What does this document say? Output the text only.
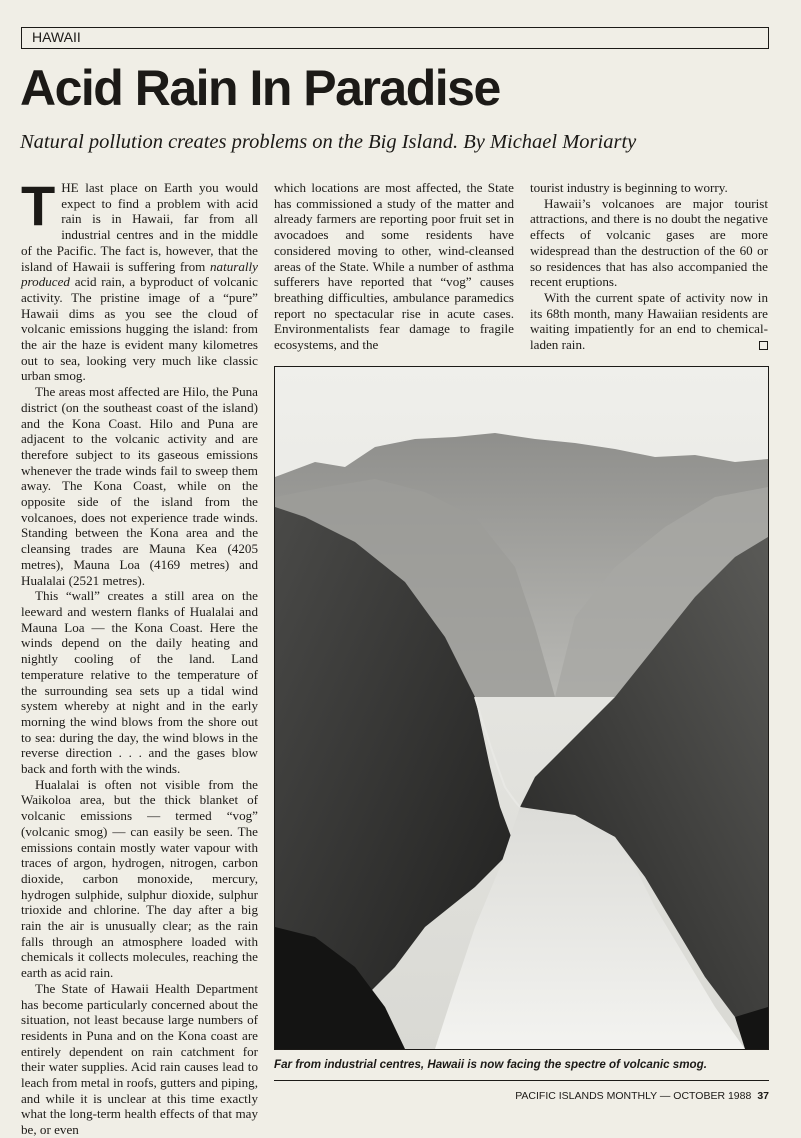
HAWAII
Acid Rain In Paradise

Natural pollution creates problems on the Big Island. By Michael Moriarty

THE last place on Earth you would expect to find a problem with acid rain is in Hawaii, far from all industrial centres and in the middle of the Pacific. The fact is, however, that the island of Hawaii is suffering from naturally produced acid rain, a byproduct of volcanic activity. The pristine image of a “pure” Hawaii dims as you see the cloud of volcanic emissions hugging the island: from the air the haze is evident many kilometres out to sea, looking very much like classic urban smog.

The areas most affected are Hilo, the Puna district (on the southeast coast of the island) and the Kona Coast. Hilo and Puna are adjacent to the volcanic activity and are therefore subject to its gaseous emissions whenever the trade winds fail to sweep them away. The Kona Coast, while on the opposite side of the island from the volcanoes, does not experience trade winds. Standing between the Kona area and the cleansing trades are Mauna Kea (4205 metres), Mauna Loa (4169 metres) and Hualalai (2521 metres).

This “wall” creates a still area on the leeward and western flanks of Hualalai and Mauna Loa — the Kona Coast. Here the winds depend on the daily heating and nightly cooling of the land. Land temperature relative to the temperature of the surrounding sea sets up a tidal wind system whereby at night and in the early morning the wind blows from the shore out to sea: during the day, the wind blows in the reverse direction . . . and the gases blow back and forth with the winds.

Hualalai is often not visible from the Waikoloa area, but the thick blanket of volcanic emissions — termed “vog” (volcanic smog) — can easily be seen. The emissions contain mostly water vapour with traces of argon, hydrogen, nitrogen, carbon dioxide, carbon monoxide, mercury, hydrogen sulphide, sulphur dioxide, sulphur trioxide and chlorine. The day after a big rain the air is unusually clear; as the rain falls through an atmosphere loaded with chemicals it collects molecules, reaching the earth as acid rain.

The State of Hawaii Health Department has become particularly concerned about the situation, not least because large numbers of residents in Puna and on the Kona coast are entirely dependent on rain catchment for their water supplies. Acid rain causes lead to leach from metal in roofs, gutters and piping, and while it is unclear at this time exactly what the long-term health effects of that may be, or even

which locations are most affected, the State has commissioned a study of the matter and already farmers are reporting poor fruit set in avocadoes and some residents have considered moving to other, wind-cleansed areas of the State. While a number of asthma sufferers have reported that “vog” causes breathing difficulties, ambulance paramedics report no spectacular rise in acute cases. Environmentalists fear damage to fragile ecosystems, and the

tourist industry is beginning to worry.

Hawaii’s volcanoes are major tourist attractions, and there is no doubt the negative effects of volcanic gases are more widespread than the destruction of the 60 or so residences that has also accompanied the recent eruptions.

With the current spate of activity now in its 68th month, many Hawaiian residents are waiting impatiently for an end to chemical-laden rain.

Far from industrial centres, Hawaii is now facing the spectre of volcanic smog.
PACIFIC ISLANDS MONTHLY — OCTOBER 1988 37
